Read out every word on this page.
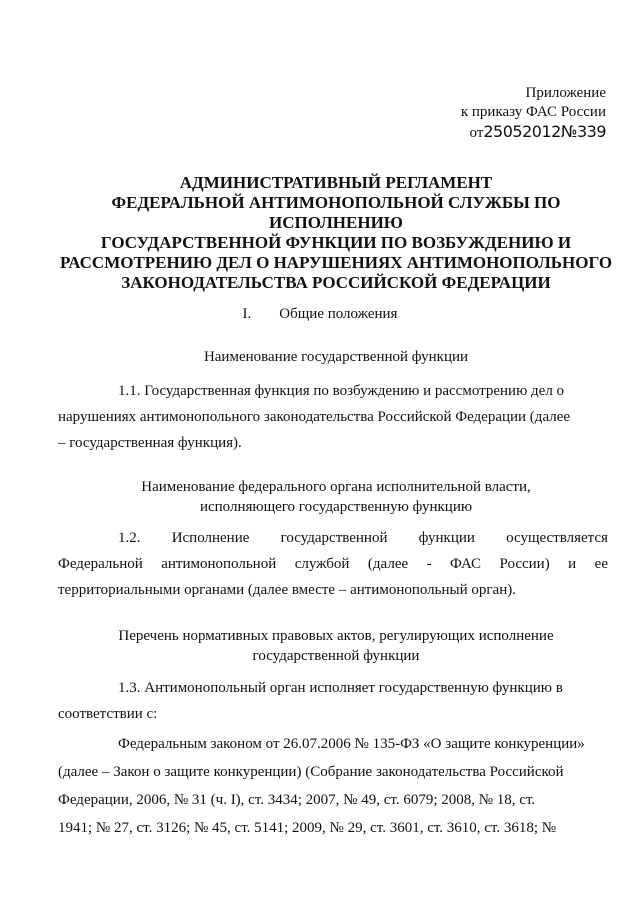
Приложение
к приказу ФАС России
от25052012№339
АДМИНИСТРАТИВНЫЙ РЕГЛАМЕНТ
ФЕДЕРАЛЬНОЙ АНТИМОНОПОЛЬНОЙ СЛУЖБЫ ПО
ИСПОЛНЕНИЮ
ГОСУДАРСТВЕННОЙ ФУНКЦИИ ПО ВОЗБУЖДЕНИЮ И
РАССМОТРЕНИЮ ДЕЛ О НАРУШЕНИЯХ АНТИМОНОПОЛЬНОГО
ЗАКОНОДАТЕЛЬСТВА РОССИЙСКОЙ ФЕДЕРАЦИИ
I. Общие положения
Наименование государственной функции
1.1. Государственная функция по возбуждению и рассмотрению дел о
нарушениях антимонопольного законодательства Российской Федерации (далее
– государственная функция).
Наименование федерального органа исполнительной власти,
исполняющего государственную функцию
1.2. Исполнение государственной функции осуществляется
Федеральной антимонопольной службой (далее - ФАС России) и ее
территориальными органами (далее вместе – антимонопольный орган).
Перечень нормативных правовых актов, регулирующих исполнение
государственной функции
1.3. Антимонопольный орган исполняет государственную функцию в
соответствии с:
Федеральным законом от 26.07.2006 № 135-ФЗ «О защите конкуренции»
(далее – Закон о защите конкуренции) (Собрание законодательства Российской
Федерации, 2006, № 31 (ч. I), ст. 3434; 2007, № 49, ст. 6079; 2008, № 18, ст.
1941; № 27, ст. 3126; № 45, ст. 5141; 2009, № 29, ст. 3601, ст. 3610, ст. 3618; №
